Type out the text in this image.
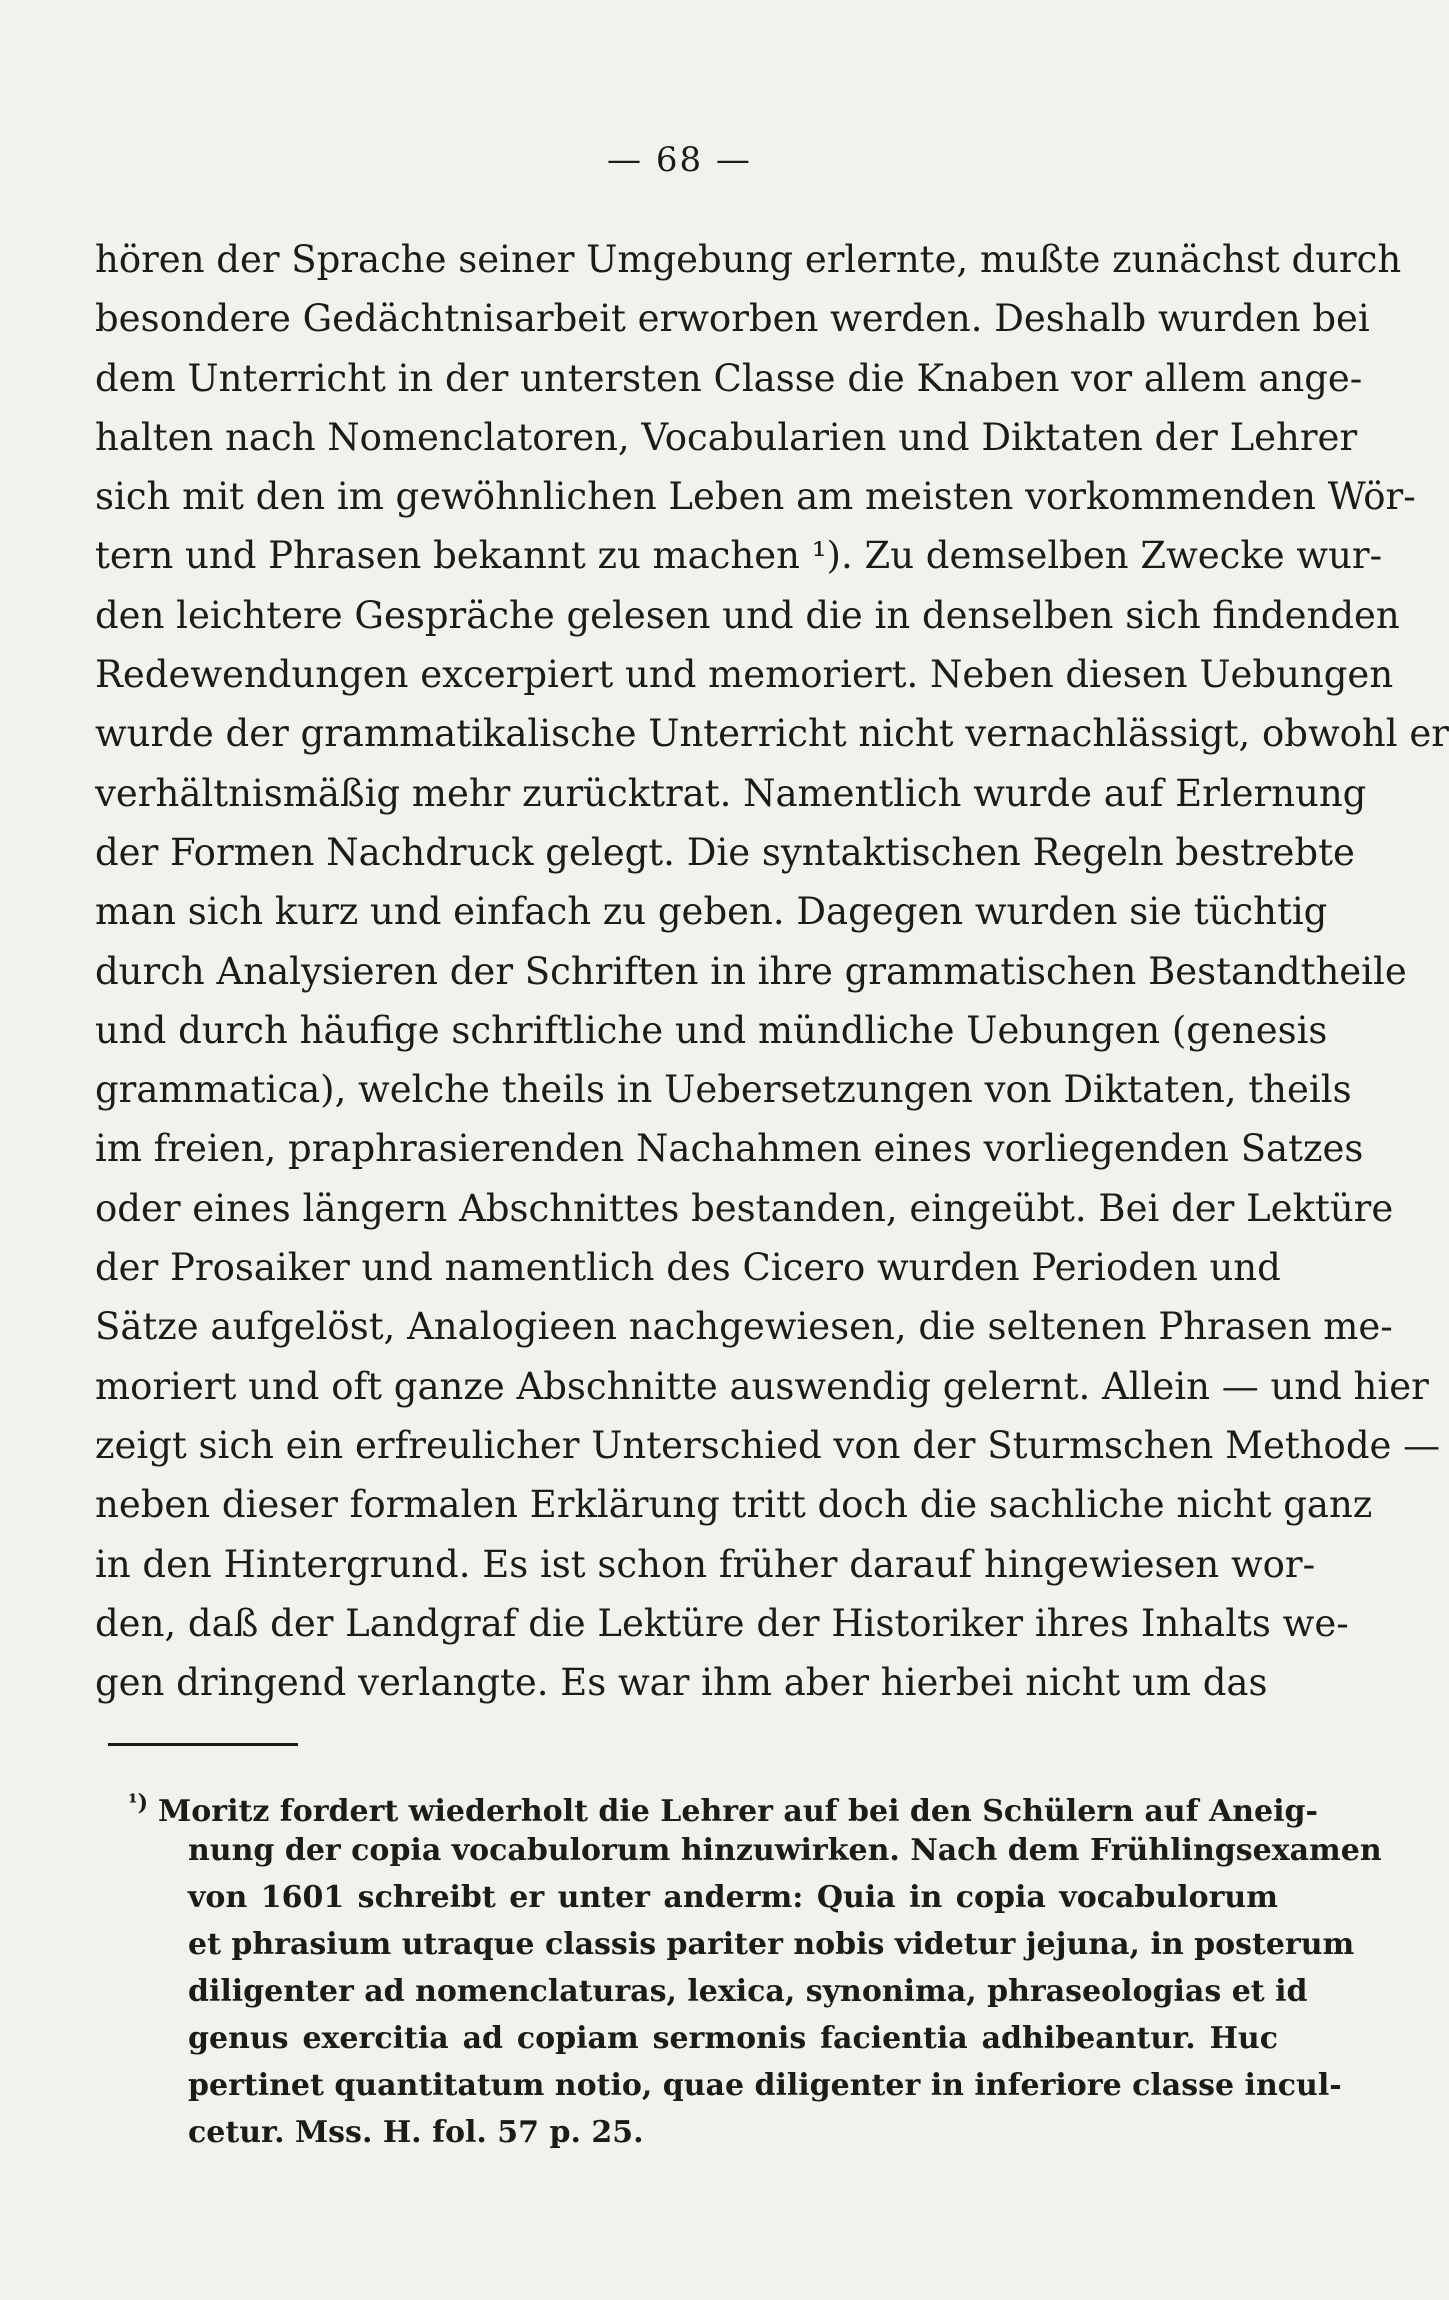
— 68 —
hören der Sprache seiner Umgebung erlernte, mußte zunächst durch
besondere Gedächtnisarbeit erworben werden. Deshalb wurden bei
dem Unterricht in der untersten Classe die Knaben vor allem ange-
halten nach Nomenclatoren, Vocabularien und Diktaten der Lehrer
sich mit den im gewöhnlichen Leben am meisten vorkommenden Wör-
tern und Phrasen bekannt zu machen ¹). Zu demselben Zwecke wur-
den leichtere Gespräche gelesen und die in denselben sich findenden
Redewendungen excerpiert und memoriert. Neben diesen Uebungen
wurde der grammatikalische Unterricht nicht vernachlässigt, obwohl er
verhältnismäßig mehr zurücktrat. Namentlich wurde auf Erlernung
der Formen Nachdruck gelegt. Die syntaktischen Regeln bestrebte
man sich kurz und einfach zu geben. Dagegen wurden sie tüchtig
durch Analysieren der Schriften in ihre grammatischen Bestandtheile
und durch häufige schriftliche und mündliche Uebungen (genesis
grammatica), welche theils in Uebersetzungen von Diktaten, theils
im freien, praphrasierenden Nachahmen eines vorliegenden Satzes
oder eines längern Abschnittes bestanden, eingeübt. Bei der Lektüre
der Prosaiker und namentlich des Cicero wurden Perioden und
Sätze aufgelöst, Analogieen nachgewiesen, die seltenen Phrasen me-
moriert und oft ganze Abschnitte auswendig gelernt. Allein — und hier
zeigt sich ein erfreulicher Unterschied von der Sturmschen Methode —
neben dieser formalen Erklärung tritt doch die sachliche nicht ganz
in den Hintergrund. Es ist schon früher darauf hingewiesen wor-
den, daß der Landgraf die Lektüre der Historiker ihres Inhalts we-
gen dringend verlangte. Es war ihm aber hierbei nicht um das
$^{^1)}$ Moritz fordert wiederholt die Lehrer auf bei den Schülern auf Aneig-
nung der copia vocabulorum hinzuwirken. Nach dem Frühlingsexamen
von 1601 schreibt er unter anderm: Quia in copia vocabulorum
et phrasium utraque classis pariter nobis videtur jejuna, in posterum
diligenter ad nomenclaturas, lexica, synonima, phraseologias et id
genus exercitia ad copiam sermonis facientia adhibeantur. Huc
pertinet quantitatum notio, quae diligenter in inferiore classe incul-
cetur. Mss. H. fol. 57 p. 25.
